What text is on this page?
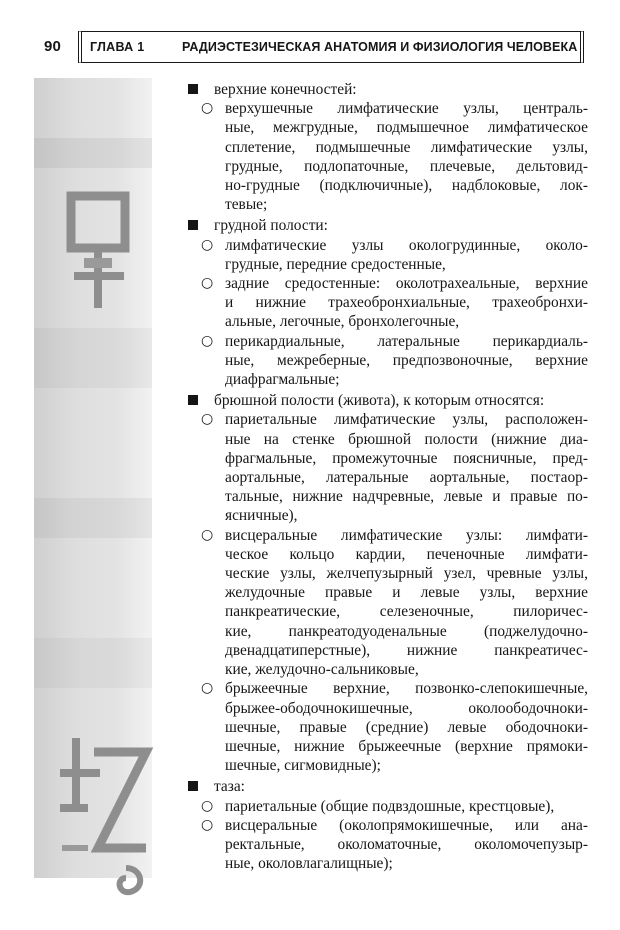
90 ГЛАВА 1	РАДИЭСТЕЗИЧЕСКАЯ АНАТОМИЯ И ФИЗИОЛОГИЯ ЧЕЛОВЕКА
верхние конечностей:
○ верхушечные лимфатические узлы, централь-
ные, межгрудные, подмышечное лимфатическое
сплетение, подмышечные лимфатические узлы,
грудные, подлопаточные, плечевые, дельтовид-
но-грудные (подключичные), надблоковые, лок-
тевые;
грудной полости:
○ лимфатические узлы окологрудинные, около-
грудные, передние средостенные,
○ задние средостенные: околотрахеальные, верхние
и нижние трахеобронхиальные, трахеобронхи-
альные, легочные, бронхолегочные,
○ перикардиальные, латеральные перикардиаль-
ные, межреберные, предпозвоночные, верхние
диафрагмальные;
брюшной полости (живота), к которым относятся:
○ париетальные лимфатические узлы, расположен-
ные на стенке брюшной полости (нижние диа-
фрагмальные, промежуточные поясничные, пред-
аортальные, латеральные аортальные, постаор-
тальные, нижние надчревные, левые и правые по-
ясничные),
○ висцеральные лимфатические узлы: лимфати-
ческое кольцо кардии, печеночные лимфати-
ческие узлы, желчепузырный узел, чревные узлы,
желудочные правые и левые узлы, верхние
панкреатические, селезеночные, пилоричес-
кие, панкреатодуоденальные (поджелудочно-
двенадцатиперстные), нижние панкреатичес-
кие, желудочно-сальниковые,
○ брыжеечные верхние, позвонко-слепокишечные,
брыжее-ободочнокишечные, околоободочноки-
шечные, правые (средние) левые ободочноки-
шечные, нижние брыжеечные (верхние прямоки-
шечные, сигмовидные);
таза:
○ париетальные (общие подвздошные, крестцовые),
○ висцеральные (околопрямокишечные, или ана-
ректальные, околоматочные, околомочепузыр-
ные, околовлагалищные);
